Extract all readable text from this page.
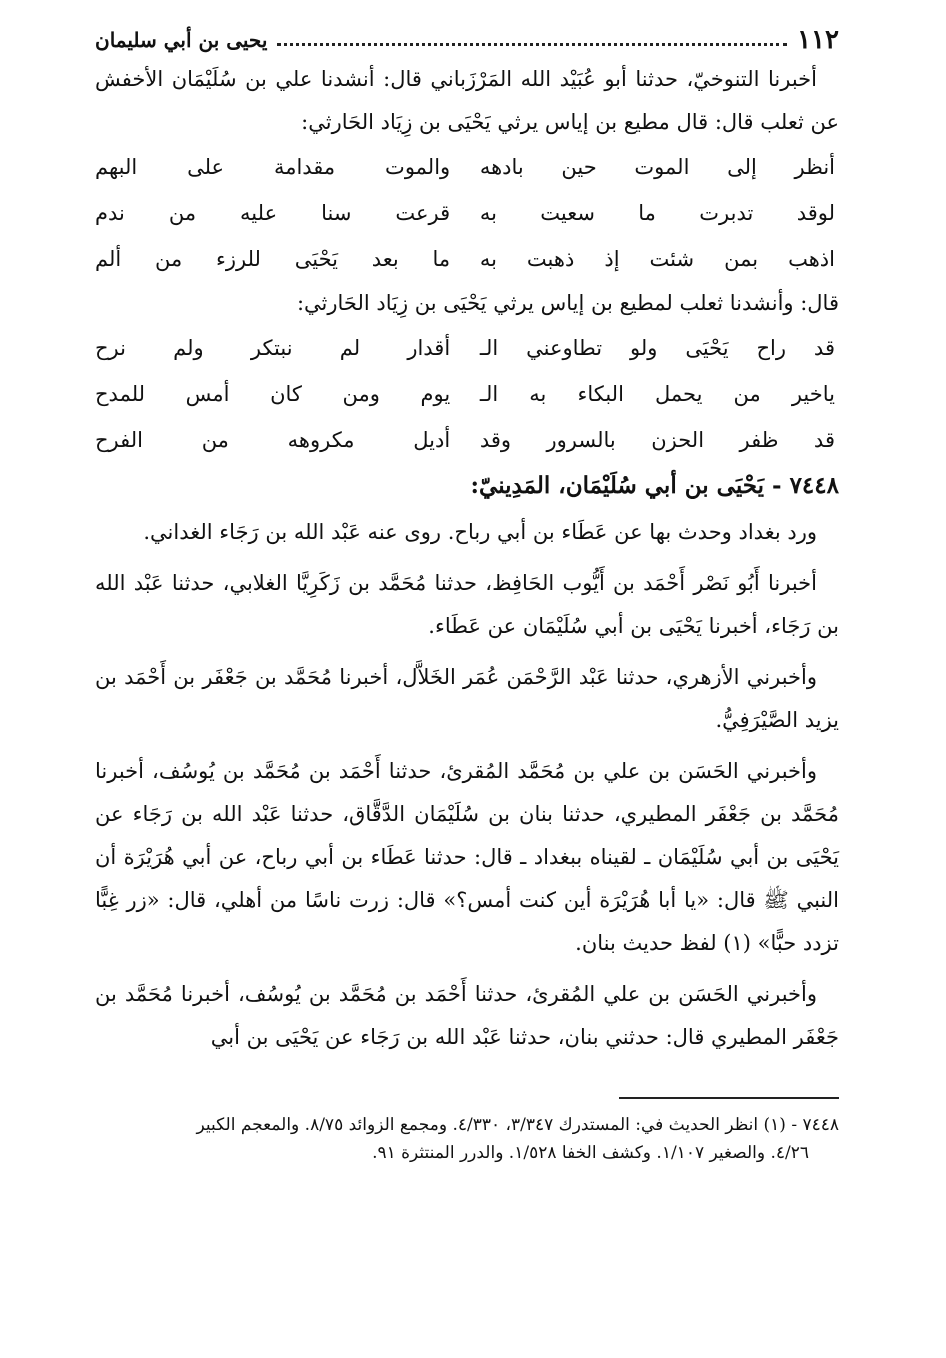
١١٢
يحيى بن أبي سليمان

أخبرنا التنوخيّ، حدثنا أبو عُبَيْد الله المَرْزَباني قال: أنشدنا علي بن سُلَيْمَان الأخفش عن ثعلب قال: قال مطيع بن إياس يرثي يَحْيَى بن زِيَاد الحَارثي:

أنظر إلى الموت حين بادهه
والموت مقدامة على البهم
لوقد تدبرت ما سعيت به
قرعت سنا عليه من ندم
اذهب بمن شئت إذ ذهبت به
ما بعد يَحْيَى للرزء من ألم

قال: وأنشدنا ثعلب لمطيع بن إياس يرثي يَحْيَى بن زِيَاد الحَارثي:

قد راح يَحْيَى ولو تطاوعني الـ
أقدار لم نبتكر ولم نرح
ياخير من يحمل البكاء به الـ
يوم ومن كان أمس للمدح
قد ظفر الحزن بالسرور وقد
أديل مكروهه من الفرح
٧٤٤٨ - يَحْيَى بن أبي سُلَيْمَان، المَدِينيّ:

ورد بغداد وحدث بها عن عَطَاء بن أبي رباح. روى عنه عَبْد الله بن رَجَاء الغداني.

أخبرنا أَبُو نَصْر أَحْمَد بن أَيُّوب الحَافِظ، حدثنا مُحَمَّد بن زَكَرِيَّا الغلابي، حدثنا عَبْد الله بن رَجَاء، أخبرنا يَحْيَى بن أبي سُلَيْمَان عن عَطَاء.

وأخبرني الأزهري، حدثنا عَبْد الرَّحْمَن عُمَر الخَلاَّل، أخبرنا مُحَمَّد بن جَعْفَر بن أَحْمَد بن يزيد الصَّيْرَفِيُّ.

وأخبرني الحَسَن بن علي بن مُحَمَّد المُقرئ، حدثنا أَحْمَد بن مُحَمَّد بن يُوسُف، أخبرنا مُحَمَّد بن جَعْفَر المطيري، حدثنا بنان بن سُلَيْمَان الدَّقَّاق، حدثنا عَبْد الله بن رَجَاء عن يَحْيَى بن أبي سُلَيْمَان ـ لقيناه ببغداد ـ قال: حدثنا عَطَاء بن أبي رباح، عن أبي هُرَيْرَة أن النبي ﷺ قال: «يا أبا هُرَيْرَة أين كنت أمس؟» قال: زرت ناسًا من أهلي، قال: «زر غِبًّا تزدد حبًّا» (١) لفظ حديث بنان.

وأخبرني الحَسَن بن علي المُقرئ، حدثنا أَحْمَد بن مُحَمَّد بن يُوسُف، أخبرنا مُحَمَّد بن جَعْفَر المطيري قال: حدثني بنان، حدثنا عَبْد الله بن رَجَاء عن يَحْيَى بن أبي

٧٤٤٨ - (١) انظر الحديث في: المستدرك ٣/٣٤٧، ٤/٣٣٠. ومجمع الزوائد ٨/٧٥. والمعجم الكبير
٤/٢٦. والصغير ١/١٠٧. وكشف الخفا ١/٥٢٨. والدرر المنتثرة ٩١.
